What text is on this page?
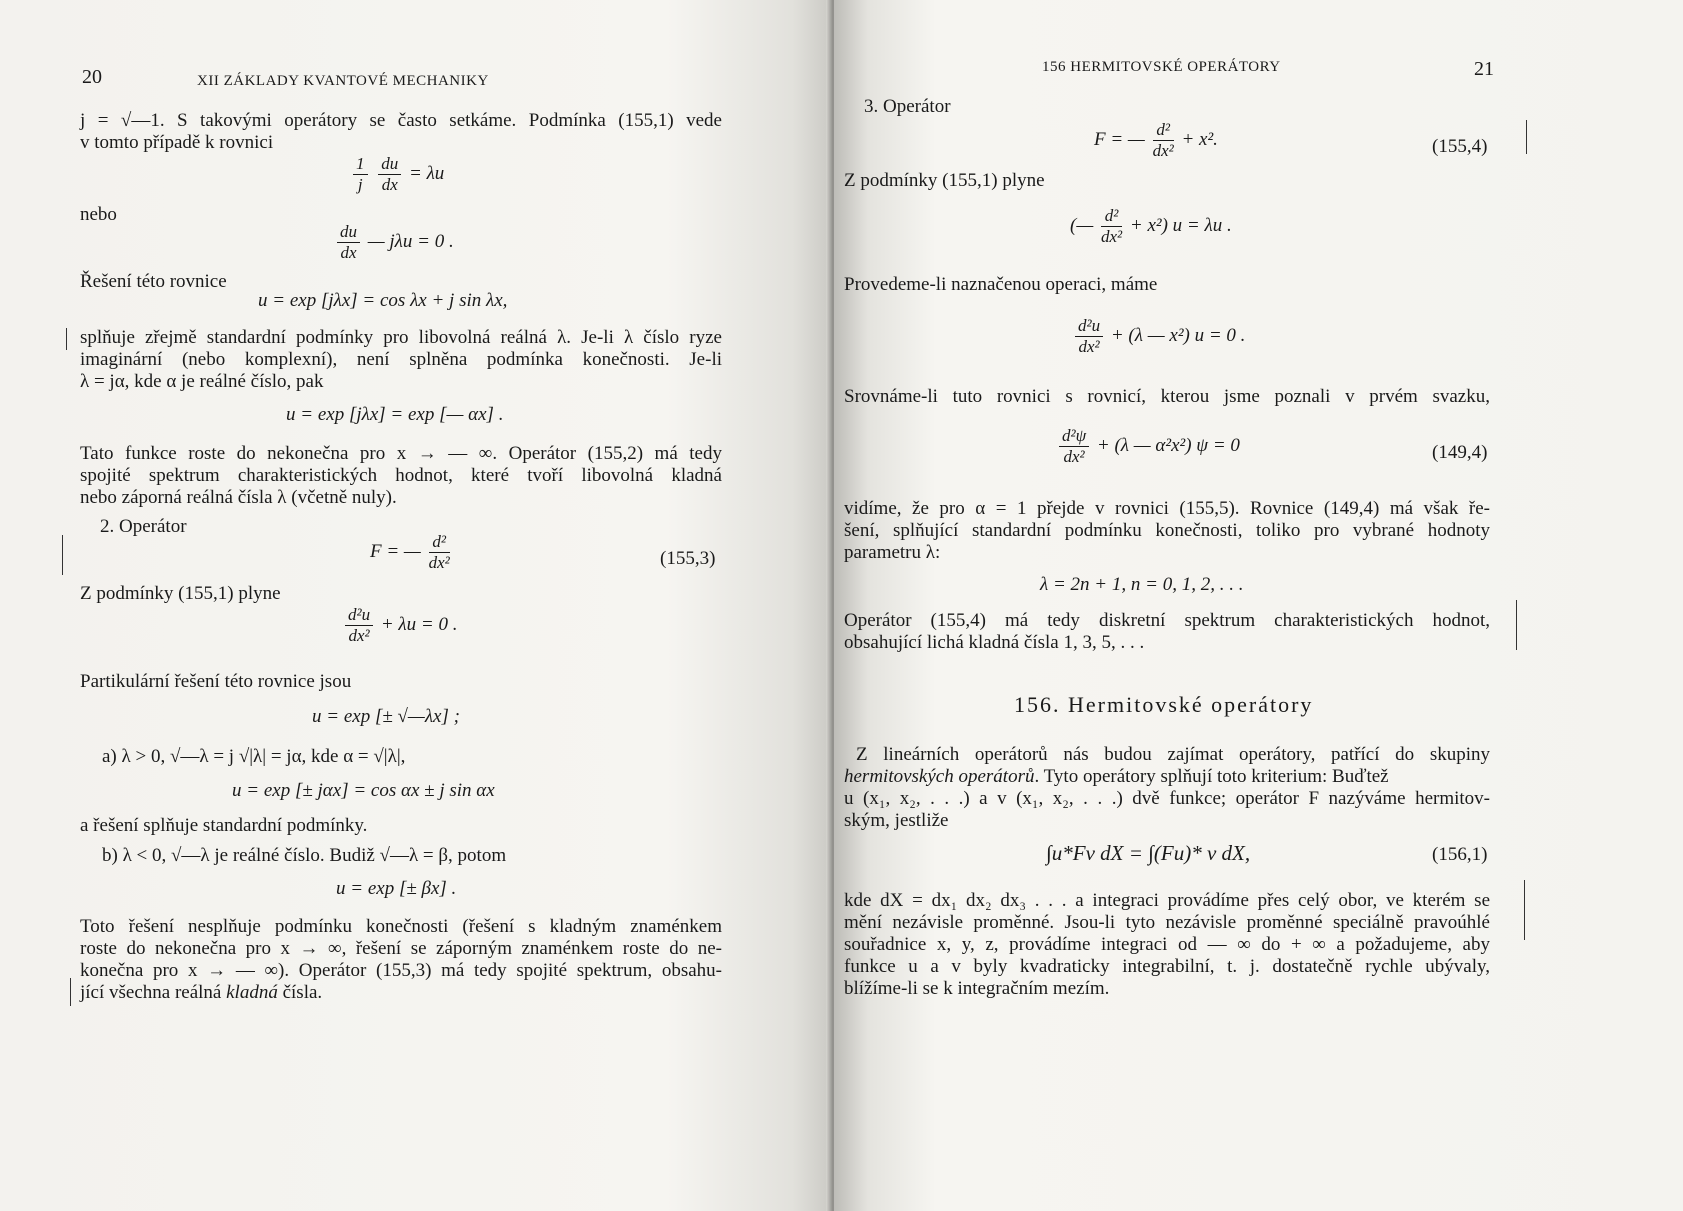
20	XII ZÁKLADY KVANTOVÉ MECHANIKY
j = √—1. S takovými operátory se často setkáme. Podmínka (155,1) vede
v tomto případě k rovnici
$\frac{1}{j}$
$\frac{du}{dx} = \lambda u$
nebo
$\frac{du}{dx}$ — jλu = 0 .
Řešení této rovnice
u = exp [jλx] = cos λx + j sin λx,
splňuje zřejmě standardní podmínky pro libovolná reálná λ. Je-li λ číslo ryze
imaginární (nebo komplexní), není splněna podmínka konečnosti. Je-li
λ = jα, kde α je reálné číslo, pak
u = exp [jλx] = exp [— αx] .
Tato funkce roste do nekonečna pro x → — ∞. Operátor (155,2) má tedy
spojité spektrum charakteristických hodnot, které tvoří libovolná kladná
nebo záporná reálná čísla λ (včetně nuly).
2. Operátor
F = — $\frac{\text{d²}}{\text{dx²}}$	(155,3)
Z podmínky (155,1) plyne
$\frac{\text{d²u}}{\text{dx²}} + \lambda u = 0$ .
Partikulární řešení této rovnice jsou
u = exp [± √—λx] ;
a) λ > 0, √—λ = j √|λ| = jα, kde α = √|λ|,
u = exp [± jαx] = cos αx ± j sin αx
a řešení splňuje standardní podmínky.
b) λ < 0, √—λ je reálné číslo. Budiž √—λ = β, potom
u = exp [± βx] .
Toto řešení nesplňuje podmínku konečnosti (řešení s kladným znaménkem
roste do nekonečna pro x → ∞, řešení se záporným znaménkem roste do ne-
konečna pro x → — ∞). Operátor (155,3) má tedy spojité spektrum, obsahu-
jící všechna reálná kladná čísla.
156 HERMITOVSKÉ OPERÁTORY	21
3. Operátor
F = — $\frac{\text{d²}}{\text{dx²}} + x^2$.	(155,4)
Z podmínky (155,1) plyne
(— $\frac{\text{d²}}{\text{dx²}} + x^2$) u = λu .
Provedeme-li naznačenou operaci, máme
$\frac{\text{d²u}}{\text{dx²}} + (\lambda$ — x²) u = 0 .
Srovnáme-li tuto rovnici s rovnicí, kterou jsme poznali v prvém svazku,
$\frac{\text{d²ψ}}{\text{dx²}} + (\lambda$ — α²x²) ψ = 0	(149,4)
vidíme, že pro α = 1 přejde v rovnici (155,5). Rovnice (149,4) má však ře-
šení, splňující standardní podmínku konečnosti, toliko pro vybrané hodnoty
parametru λ:
λ = 2n + 1, n = 0, 1, 2, . . .
Operátor (155,4) má tedy diskretní spektrum charakteristických hodnot,
obsahující lichá kladná čísla 1, 3, 5, . . .
156. Hermitovské operátory
Z lineárních operátorů nás budou zajímat operátory, patřící do skupiny
hermitovských operátorů. Tyto operátory splňují toto kriterium: Buďtež
u (x₁, x₂, . . .) a v (x₁, x₂, . . .) dvě funkce; operátor F nazýváme hermitov-
ským, jestliže
∫u*Fv dX = ∫(Fu)* v dX,	(156,1)
kde dX = dx₁ dx₂ dx₃ . . . a integraci provádíme přes celý obor, ve kterém se
mění nezávisle proměnné. Jsou-li tyto nezávisle proměnné speciálně pravoúhlé
souřadnice x, y, z, provádíme integraci od — ∞ do + ∞ a požadujeme, aby
funkce u a v byly kvadraticky integrabilní, t. j. dostatečně rychle ubývaly,
blížíme-li se k integračním mezím.
